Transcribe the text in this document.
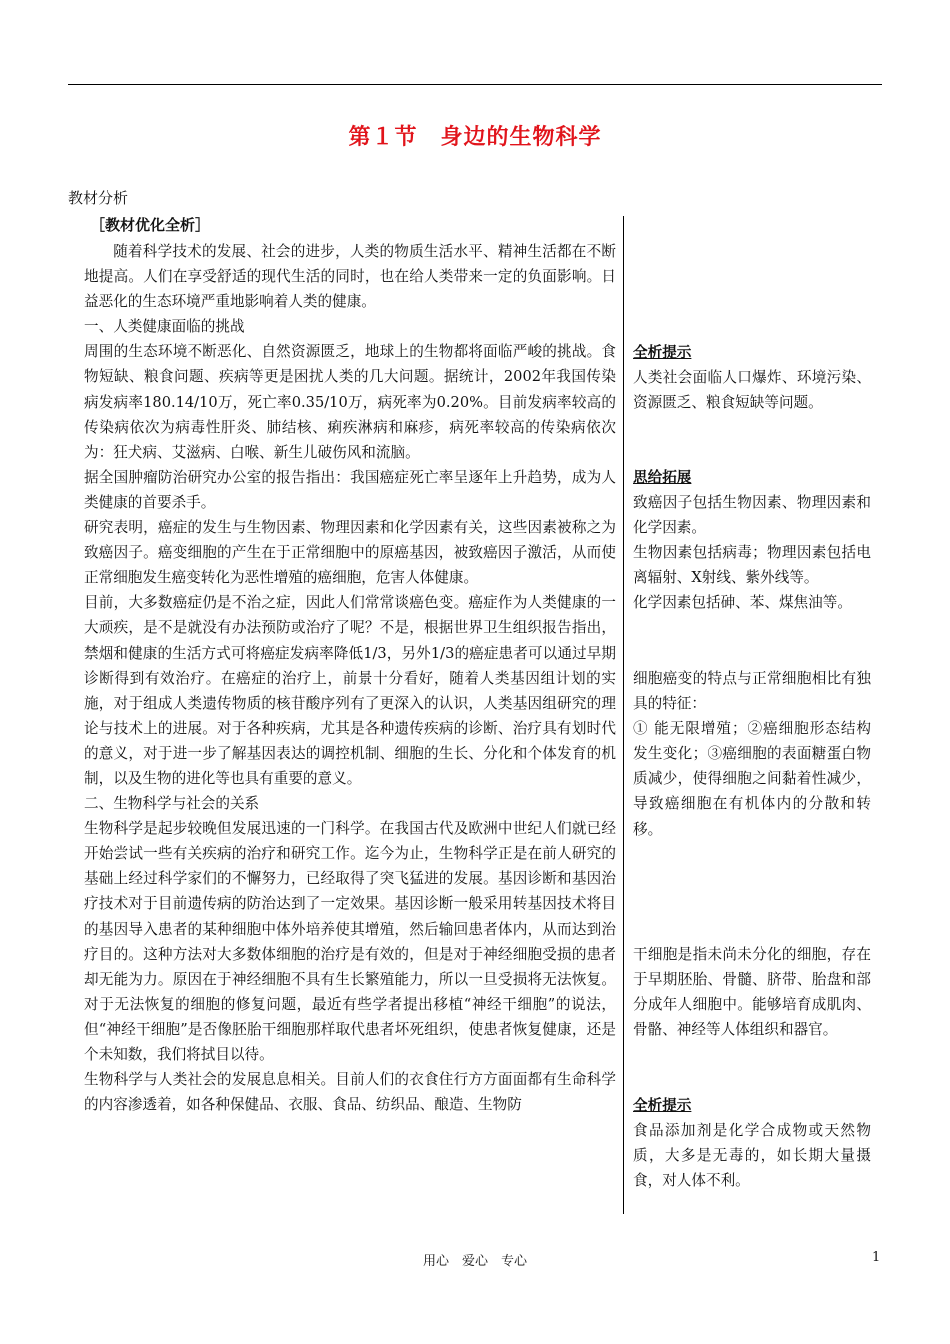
第１节　身边的生物科学
教材分析
［教材优化全析］

随着科学技术的发展、社会的进步，人类的物质生活水平、精神生活都在不断地提高。人们在享受舒适的现代生活的同时，也在给人类带来一定的负面影响。日益恶化的生态环境严重地影响着人类的健康。

一、人类健康面临的挑战

周围的生态环境不断恶化、自然资源匮乏，地球上的生物都将面临严峻的挑战。食物短缺、粮食问题、疾病等更是困扰人类的几大问题。据统计，2002年我国传染病发病率180.14/10万，死亡率0.35/10万，病死率为0.20%。目前发病率较高的传染病依次为病毒性肝炎、肺结核、痢疾淋病和麻疹，病死率较高的传染病依次为：狂犬病、艾滋病、白喉、新生儿破伤风和流脑。

据全国肿瘤防治研究办公室的报告指出：我国癌症死亡率呈逐年上升趋势，成为人类健康的首要杀手。

研究表明，癌症的发生与生物因素、物理因素和化学因素有关，这些因素被称之为致癌因子。癌变细胞的产生在于正常细胞中的原癌基因，被致癌因子激活，从而使正常细胞发生癌变转化为恶性增殖的癌细胞，危害人体健康。

目前，大多数癌症仍是不治之症，因此人们常常谈癌色变。癌症作为人类健康的一大顽疾，是不是就没有办法预防或治疗了呢？不是，根据世界卫生组织报告指出，禁烟和健康的生活方式可将癌症发病率降低1/3，另外1/3的癌症患者可以通过早期诊断得到有效治疗。在癌症的治疗上，前景十分看好，随着人类基因组计划的实施，对于组成人类遗传物质的核苷酸序列有了更深入的认识，人类基因组研究的理论与技术上的进展。对于各种疾病，尤其是各种遗传疾病的诊断、治疗具有划时代的意义，对于进一步了解基因表达的调控机制、细胞的生长、分化和个体发育的机制，以及生物的进化等也具有重要的意义。

二、生物科学与社会的关系

生物科学是起步较晚但发展迅速的一门科学。在我国古代及欧洲中世纪人们就已经开始尝试一些有关疾病的治疗和研究工作。迄今为止，生物科学正是在前人研究的基础上经过科学家们的不懈努力，已经取得了突飞猛进的发展。基因诊断和基因治疗技术对于目前遗传病的防治达到了一定效果。基因诊断一般采用转基因技术将目的基因导入患者的某种细胞中体外培养使其增殖，然后输回患者体内，从而达到治疗目的。这种方法对大多数体细胞的治疗是有效的，但是对于神经细胞受损的患者却无能为力。原因在于神经细胞不具有生长繁殖能力，所以一旦受损将无法恢复。对于无法恢复的细胞的修复问题，最近有些学者提出移植“神经干细胞”的说法，但“神经干细胞”是否像胚胎干细胞那样取代患者坏死组织，使患者恢复健康，还是个未知数，我们将拭目以待。

生物科学与人类社会的发展息息相关。目前人们的衣食住行方方面面都有生命科学的内容渗透着，如各种保健品、衣服、食品、纺织品、酿造、生物防

全析提示

人类社会面临人口爆炸、环境污染、资源匮乏、粮食短缺等问题。

思给拓展

致癌因子包括生物因素、物理因素和化学因素。

生物因素包括病毒；物理因素包括电离辐射、X射线、紫外线等。

化学因素包括砷、苯、煤焦油等。

细胞癌变的特点与正常细胞相比有独具的特征：

① 能无限增殖；②癌细胞形态结构发生变化；③癌细胞的表面糖蛋白物质减少，使得细胞之间黏着性减少，导致癌细胞在有机体内的分散和转移。

干细胞是指未尚未分化的细胞，存在于早期胚胎、骨髓、脐带、胎盘和部分成年人细胞中。能够培育成肌肉、骨骼、神经等人体组织和器官。

全析提示

食品添加剂是化学合成物或天然物质，大多是无毒的，如长期大量摄食，对人体不利。

用心　爱心　专心	1
